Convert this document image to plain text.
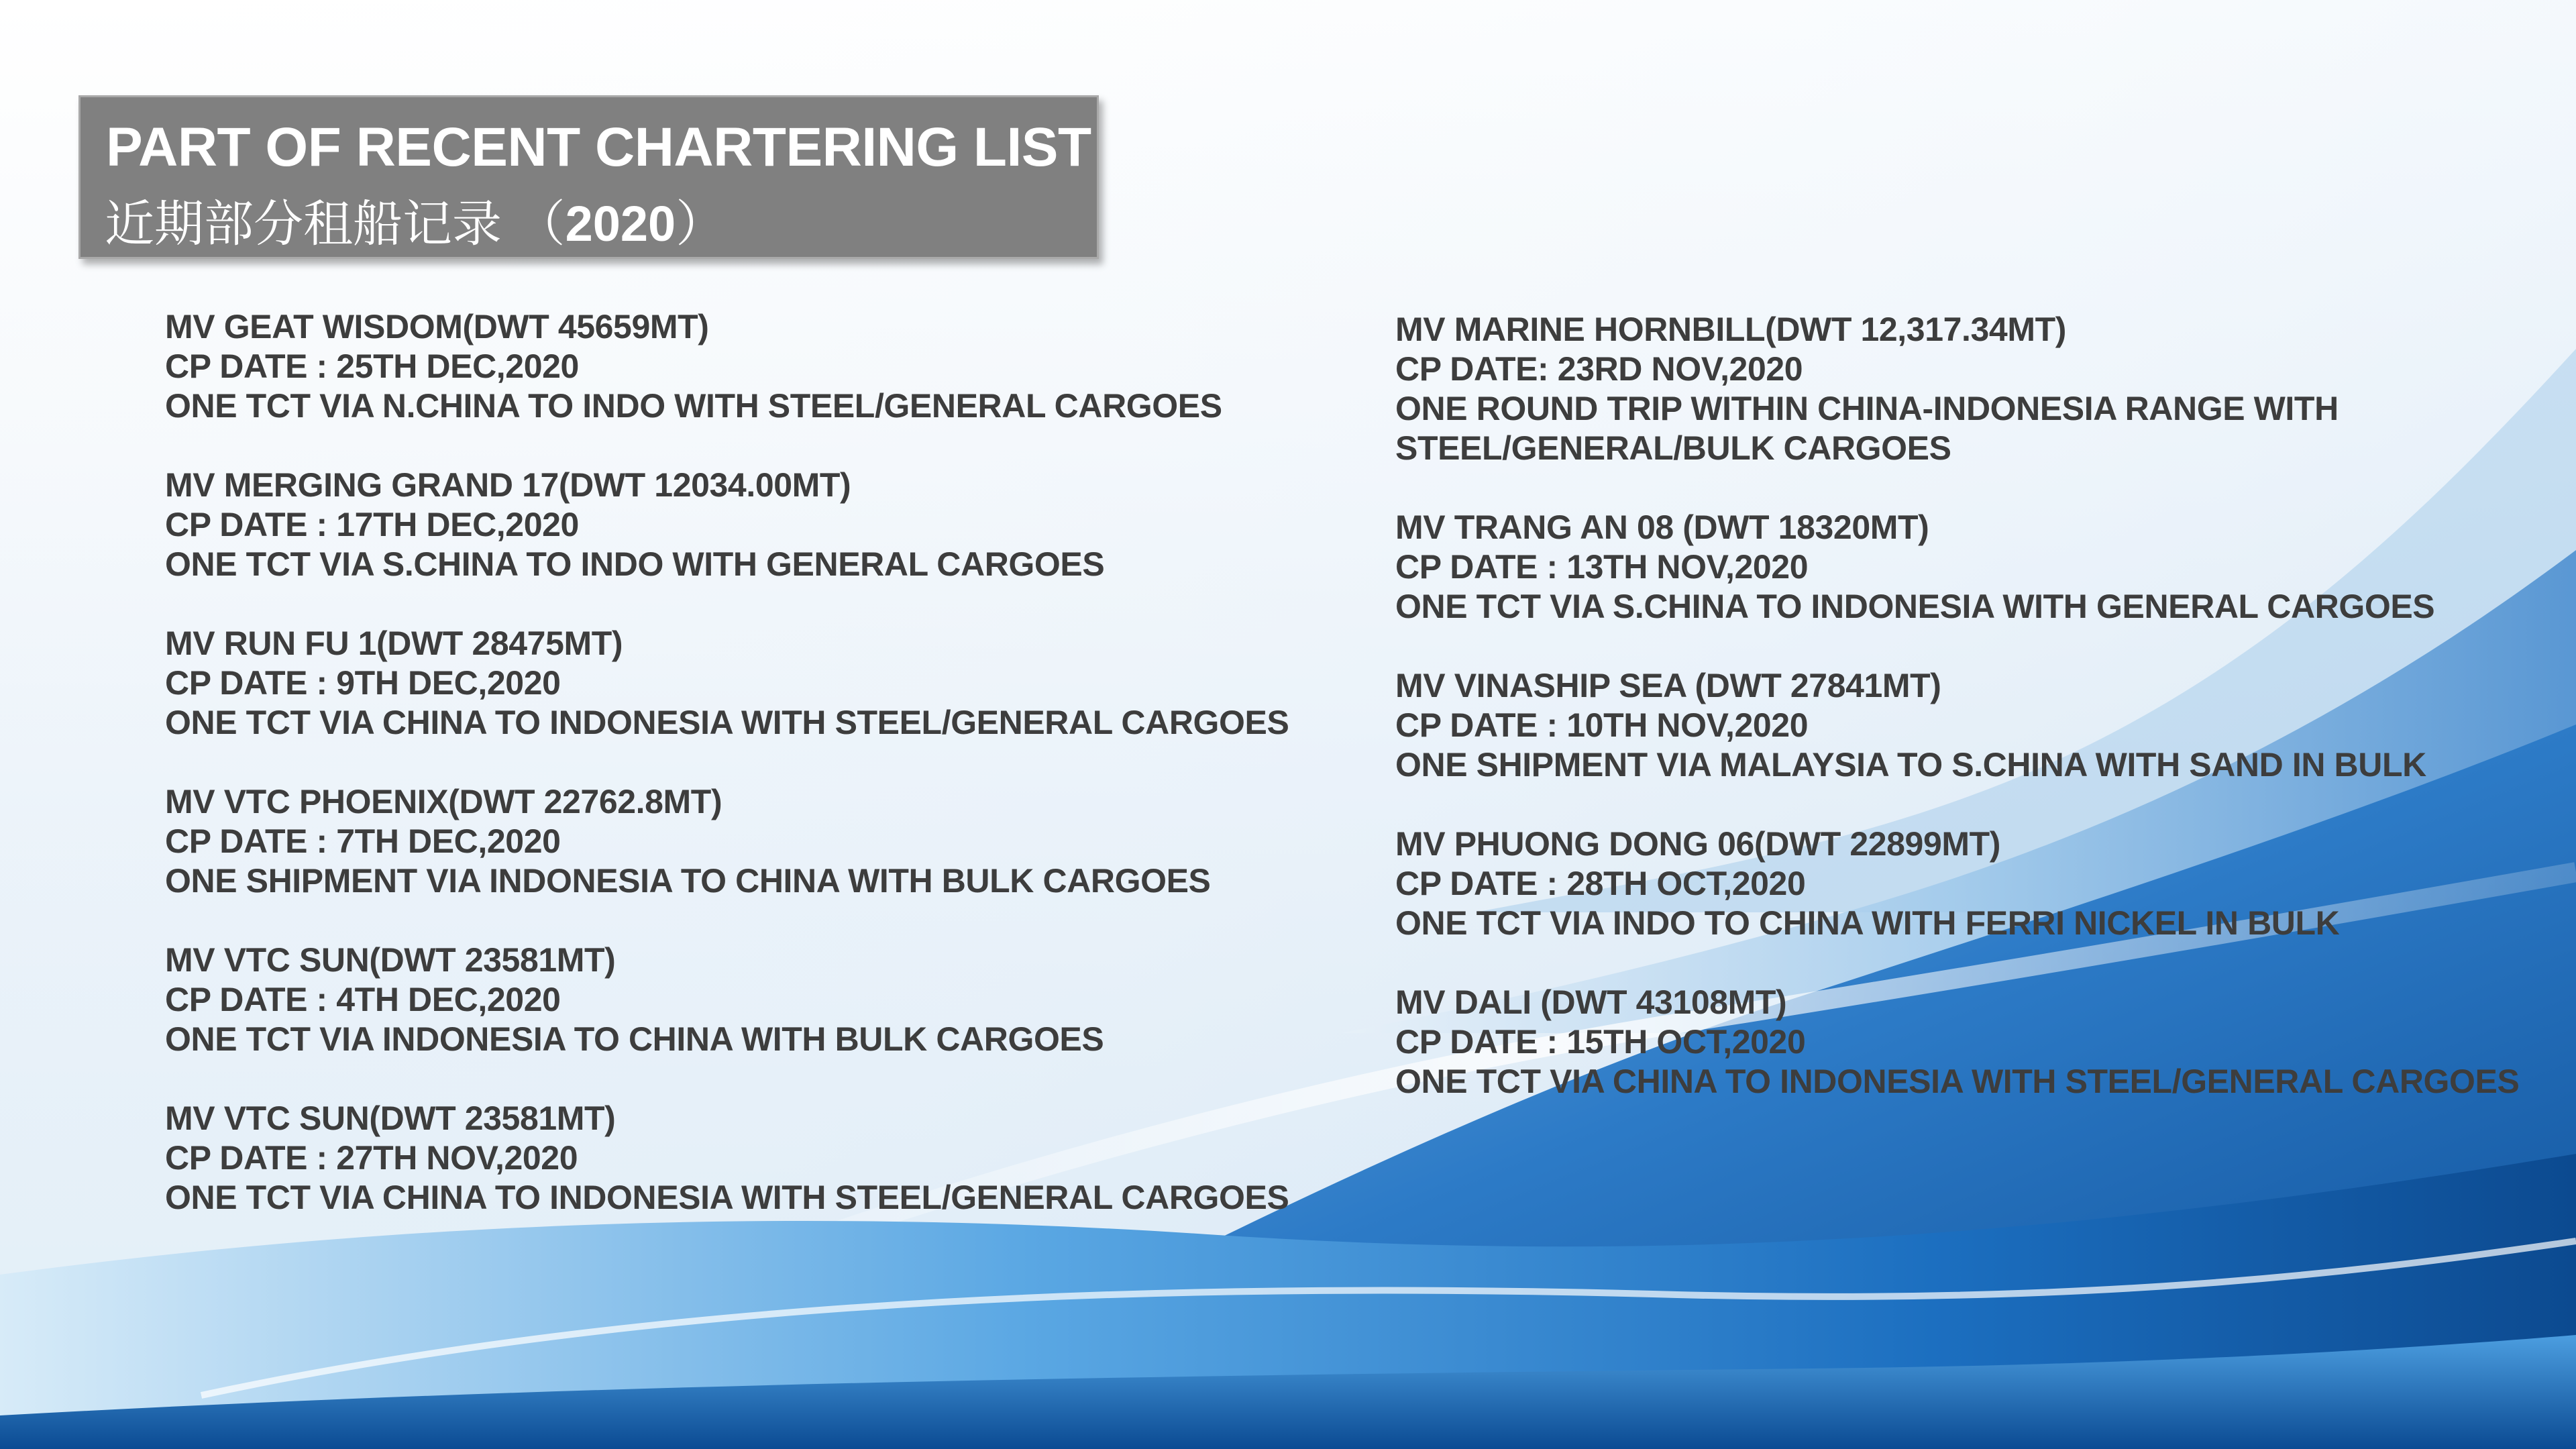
PART OF RECENT CHARTERING LIST
近期部分租船记录 （2020）
MV GEAT WISDOM(DWT 45659MT)
CP DATE : 25TH DEC,2020
ONE TCT VIA N.CHINA TO INDO WITH STEEL/GENERAL CARGOES
MV MERGING GRAND 17(DWT 12034.00MT)
CP DATE : 17TH DEC,2020
ONE TCT VIA S.CHINA TO INDO WITH GENERAL CARGOES
MV RUN FU 1(DWT 28475MT)
CP DATE : 9TH DEC,2020
ONE TCT VIA CHINA TO INDONESIA WITH STEEL/GENERAL CARGOES
MV VTC PHOENIX(DWT 22762.8MT)
CP DATE : 7TH DEC,2020
ONE SHIPMENT VIA INDONESIA TO CHINA WITH BULK CARGOES
MV VTC SUN(DWT 23581MT)
CP DATE : 4TH DEC,2020
ONE TCT VIA INDONESIA TO CHINA WITH BULK CARGOES
MV VTC SUN(DWT 23581MT)
CP DATE : 27TH NOV,2020
ONE TCT VIA CHINA TO INDONESIA WITH STEEL/GENERAL CARGOES
MV MARINE HORNBILL(DWT 12,317.34MT)
CP DATE: 23RD NOV,2020
ONE ROUND TRIP WITHIN CHINA-INDONESIA RANGE WITH
STEEL/GENERAL/BULK CARGOES
MV TRANG AN 08 (DWT 18320MT)
CP DATE : 13TH NOV,2020
ONE TCT VIA S.CHINA TO INDONESIA WITH GENERAL CARGOES
MV VINASHIP SEA (DWT 27841MT)
CP DATE : 10TH NOV,2020
ONE SHIPMENT VIA MALAYSIA TO S.CHINA WITH SAND IN BULK
MV PHUONG DONG 06(DWT 22899MT)
CP DATE : 28TH OCT,2020
ONE TCT VIA INDO TO CHINA WITH FERRI NICKEL IN BULK
MV DALI (DWT 43108MT)
CP DATE : 15TH OCT,2020
ONE TCT VIA CHINA TO INDONESIA WITH STEEL/GENERAL CARGOES
